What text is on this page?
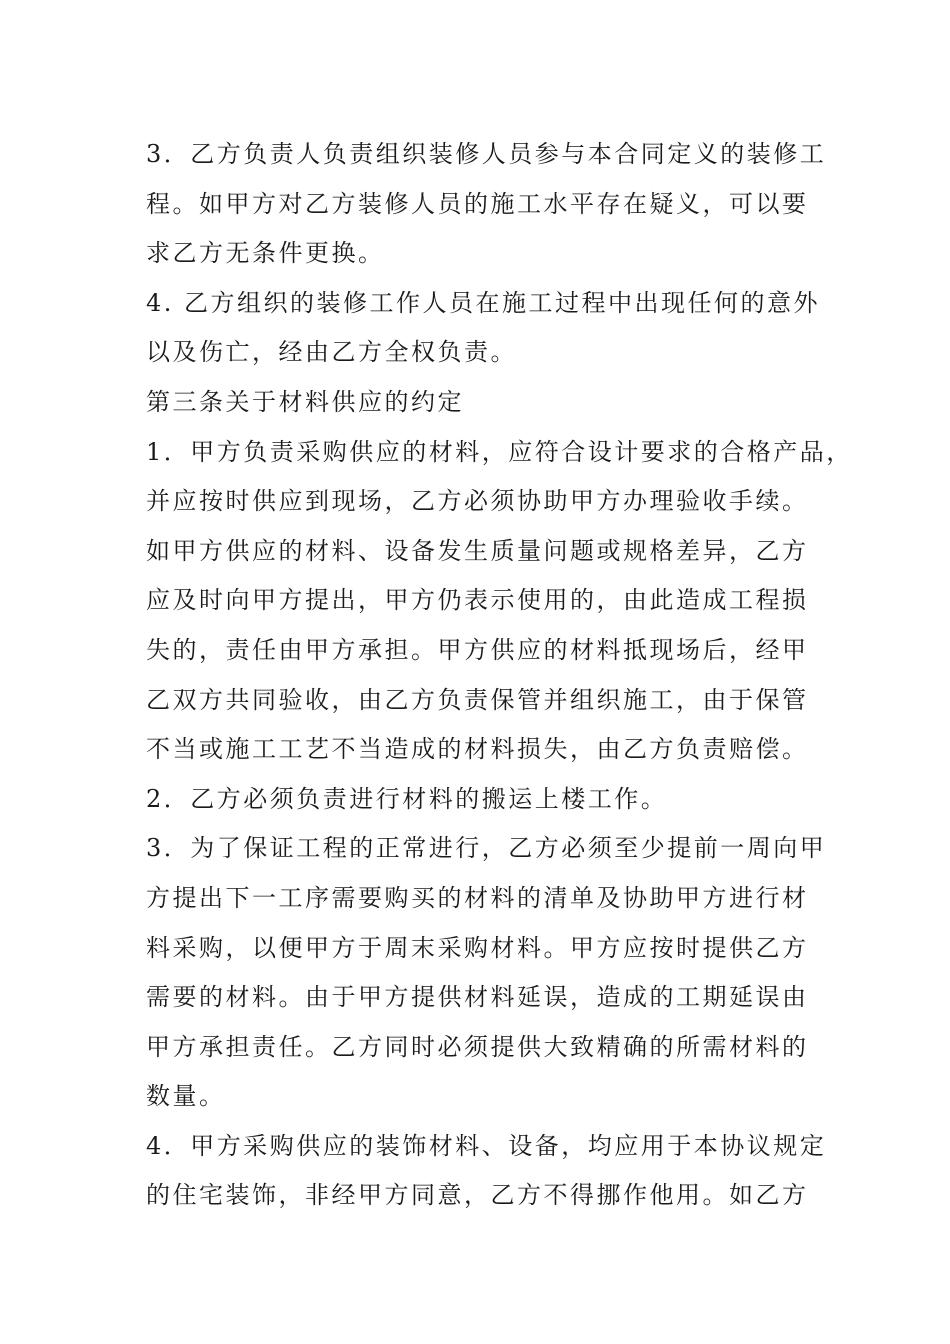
3．乙方负责人负责组织装修人员参与本合同定义的装修工
程。如甲方对乙方装修人员的施工水平存在疑义，可以要
求乙方无条件更换。
4. 乙方组织的装修工作人员在施工过程中出现任何的意外
以及伤亡，经由乙方全权负责。
第三条关于材料供应的约定
1．甲方负责采购供应的材料，应符合设计要求的合格产品，
并应按时供应到现场，乙方必须协助甲方办理验收手续。
如甲方供应的材料、设备发生质量问题或规格差异，乙方
应及时向甲方提出，甲方仍表示使用的，由此造成工程损
失的，责任由甲方承担。甲方供应的材料抵现场后，经甲
乙双方共同验收，由乙方负责保管并组织施工，由于保管
不当或施工工艺不当造成的材料损失，由乙方负责赔偿。
2．乙方必须负责进行材料的搬运上楼工作。
3．为了保证工程的正常进行，乙方必须至少提前一周向甲
方提出下一工序需要购买的材料的清单及协助甲方进行材
料采购，以便甲方于周末采购材料。甲方应按时提供乙方
需要的材料。由于甲方提供材料延误，造成的工期延误由
甲方承担责任。乙方同时必须提供大致精确的所需材料的
数量。
4．甲方采购供应的装饰材料、设备，均应用于本协议规定
的住宅装饰，非经甲方同意，乙方不得挪作他用。如乙方
